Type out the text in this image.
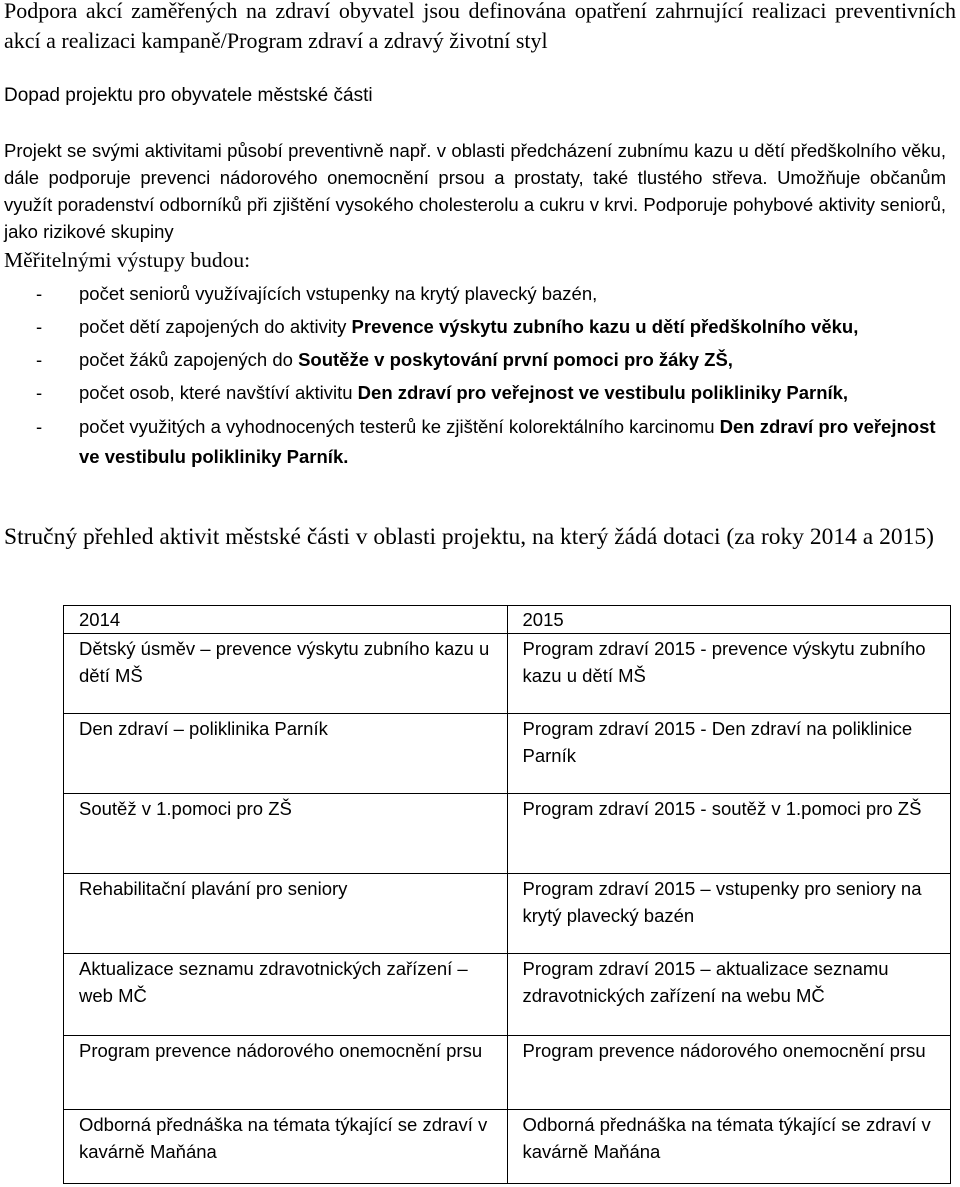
Podpora akcí zaměřených na zdraví obyvatel jsou definována opatření zahrnující realizaci preventivních akcí a realizaci kampaně/Program zdraví a zdravý životní styl

Dopad projektu pro obyvatele městské části

Projekt se svými aktivitami působí preventivně např. v oblasti předcházení zubnímu kazu u dětí předškolního věku, dále podporuje prevenci nádorového onemocnění prsou a prostaty, také tlustého střeva. Umožňuje občanům využít poradenství odborníků při zjištění vysokého cholesterolu a cukru v krvi. Podporuje pohybové aktivity seniorů, jako rizikové skupiny

Měřitelnými výstupy budou:

- počet seniorů využívajících vstupenky na krytý plavecký bazén,
- počet dětí zapojených do aktivity Prevence výskytu zubního kazu u dětí předškolního věku,
- počet žáků zapojených do Soutěže v poskytování první pomoci pro žáky ZŠ,
- počet osob, které navštíví aktivitu Den zdraví pro veřejnost ve vestibulu polikliniky Parník,
- počet využitých a vyhodnocených testerů ke zjištění kolorektálního karcinomu Den zdraví pro veřejnost ve vestibulu polikliniky Parník.

Stručný přehled aktivit městské části v oblasti projektu, na který žádá dotaci (za roky 2014 a 2015)

2014	2015
Dětský úsměv – prevence výskytu zubního kazu u dětí MŠ	Program zdraví 2015 - prevence výskytu zubního kazu u dětí MŠ
Den zdraví – poliklinika Parník	Program zdraví 2015 - Den zdraví na poliklinice Parník
Soutěž v 1.pomoci pro ZŠ	Program zdraví 2015 - soutěž v 1.pomoci pro ZŠ
Rehabilitační plavání pro seniory	Program zdraví 2015 – vstupenky pro seniory na krytý plavecký bazén
Aktualizace seznamu zdravotnických zařízení – web MČ	Program zdraví 2015 – aktualizace seznamu zdravotnických zařízení na webu MČ
Program prevence nádorového onemocnění prsu	Program prevence nádorového onemocnění prsu
Odborná přednáška na témata týkající se zdraví v kavárně Maňána	Odborná přednáška na témata týkající se zdraví v kavárně Maňána
